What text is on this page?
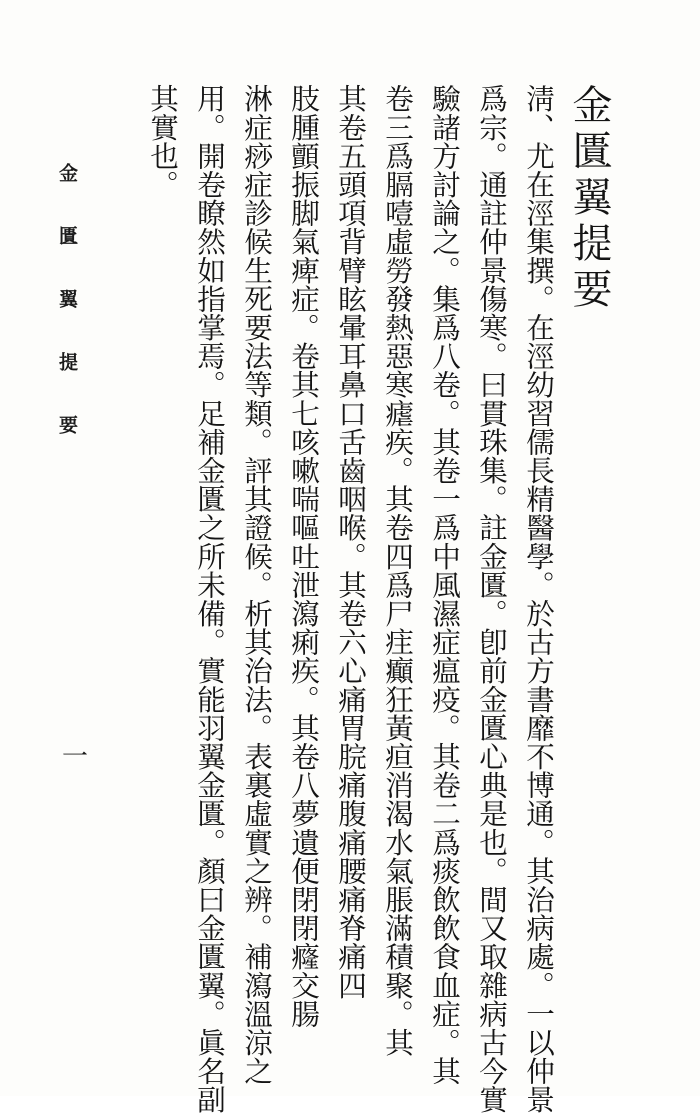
金匱翼提要
淸、尤在涇集撰。在涇幼習儒長精醫學。於古方書靡不博通。其治病處。一以仲景
爲宗。通註仲景傷寒。曰貫珠集。註金匱。卽前金匱心典是也。間又取雜病古今實
驗諸方討論之。集爲八卷。其卷一爲中風濕症瘟疫。其卷二爲痰飲飲食血症。其
卷三爲膈噎虛勞發熱惡寒瘧疾。其卷四爲尸疰癲狂黃疸消渴水氣脹滿積聚。其
其卷五頭項背臂眩暈耳鼻口舌齒咽喉。其卷六心痛胃脘痛腹痛腰痛脊痛四
肢腫顫振脚氣痺症。卷其七咳嗽喘嘔吐泄瀉痢疾。其卷八夢遺便閉閉癃交腸
淋症痧症診候生死要法等類。評其證候。析其治法。表裏虛實之辨。補瀉溫涼之
用。開卷瞭然如指掌焉。足補金匱之所未備。實能羽翼金匱。顏曰金匱翼。眞名副
其實也。
金匱翼提要
一
